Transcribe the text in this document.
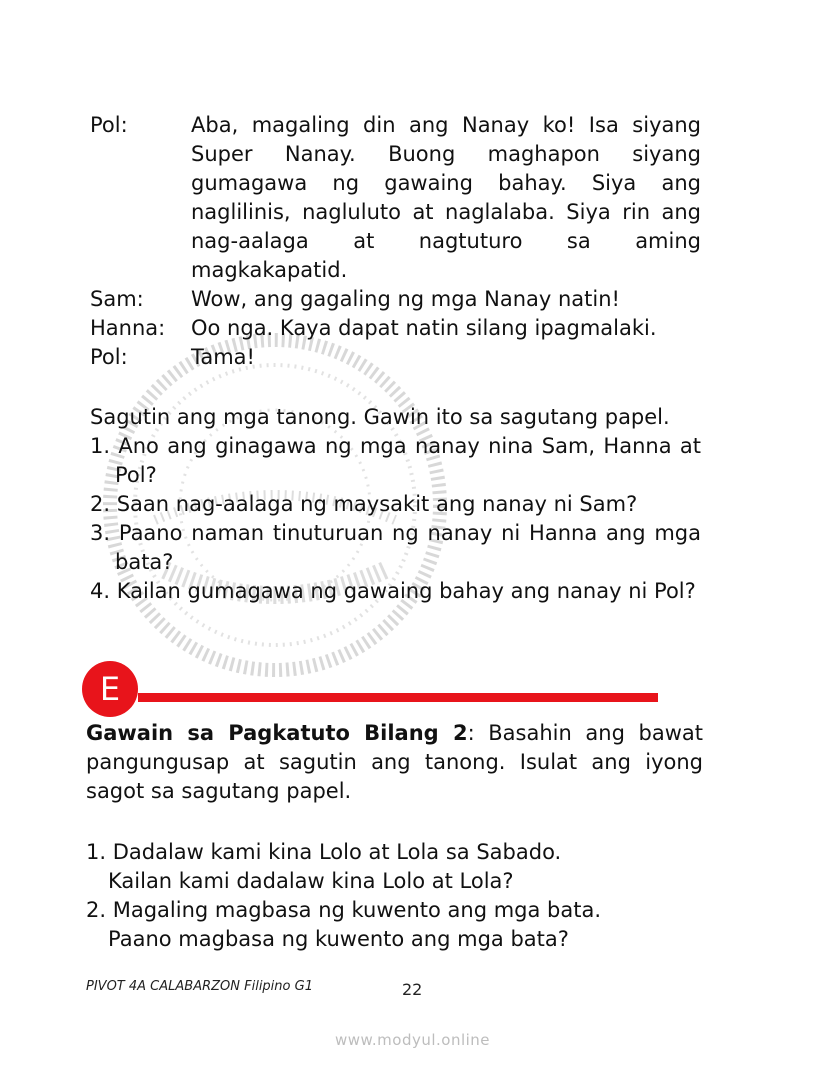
Pol:	Aba, magaling din ang Nanay ko! Isa siyang Super Nanay. Buong maghapon siyang gumagawa ng gawaing bahay. Siya ang naglilinis, nagluluto at naglalaba. Siya rin ang nag-aalaga at nagtuturo sa aming magkakapatid.
Sam:	Wow, ang gagaling ng mga Nanay natin!
Hanna:	Oo nga. Kaya dapat natin silang ipagmalaki.
Pol:	Tama!
Sagutin ang mga tanong. Gawin ito sa sagutang papel.
1. Ano ang ginagawa ng mga nanay nina Sam, Hanna at Pol?
2. Saan nag-aalaga ng maysakit ang nanay ni Sam?
3. Paano naman tinuturuan ng nanay ni Hanna ang mga bata?
4. Kailan gumagawa ng gawaing bahay ang nanay ni Pol?
E
Gawain sa Pagkatuto Bilang 2: Basahin ang bawat pangungusap at sagutin ang tanong. Isulat ang iyong sagot sa sagutang papel.
1. Dadalaw kami kina Lolo at Lola sa Sabado.
Kailan kami dadalaw kina Lolo at Lola?
2. Magaling magbasa ng kuwento ang mga bata.
Paano magbasa ng kuwento ang mga bata?
PIVOT 4A CALABARZON Filipino G1	22
www.modyul.online
